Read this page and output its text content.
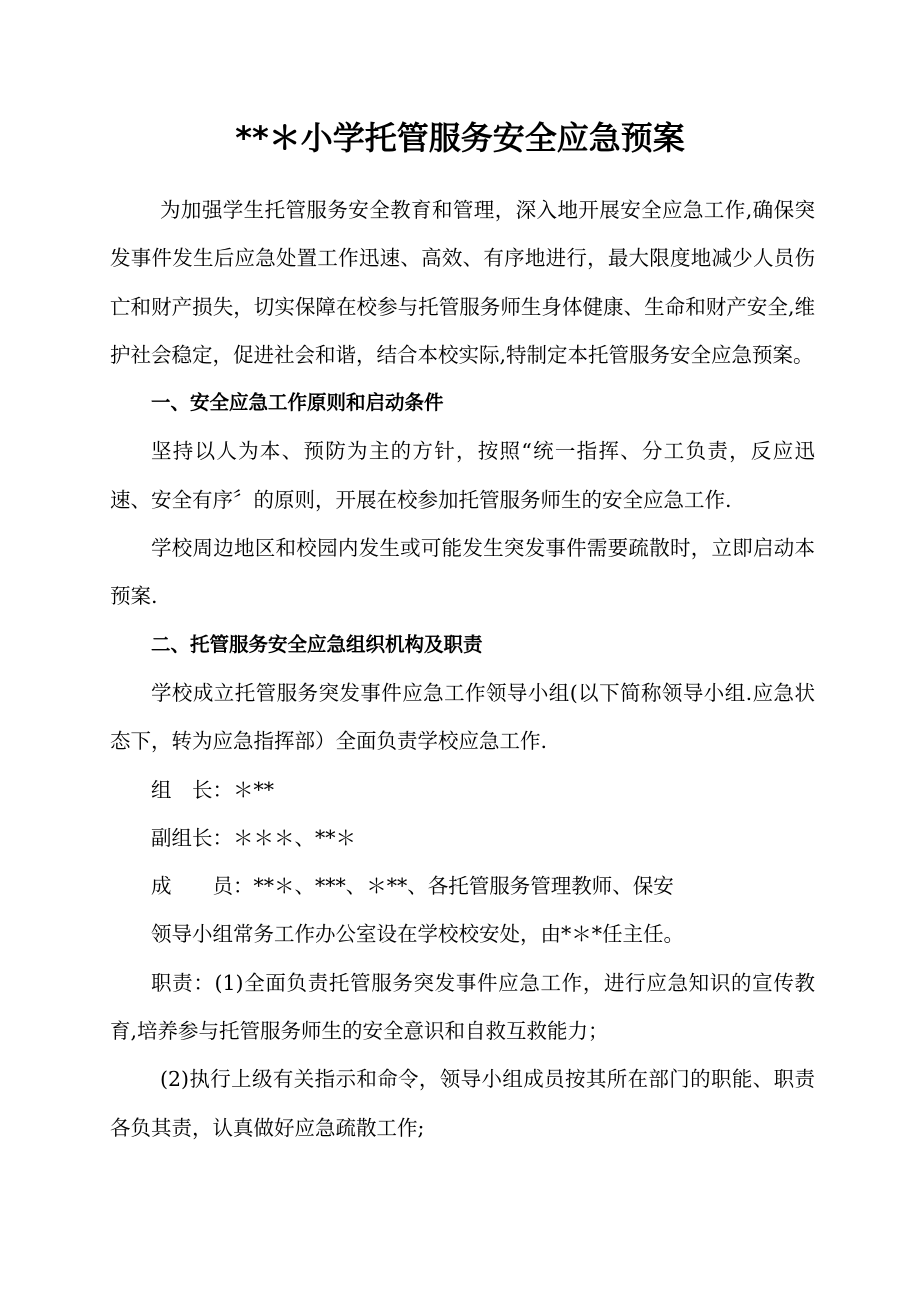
**＊小学托管服务安全应急预案

为加强学生托管服务安全教育和管理，深入地开展安全应急工作,确保突发事件发生后应急处置工作迅速、高效、有序地进行，最大限度地减少人员伤亡和财产损失，切实保障在校参与托管服务师生身体健康、生命和财产安全,维护社会稳定，促进社会和谐，结合本校实际,特制定本托管服务安全应急预案。

一、安全应急工作原则和启动条件

坚持以人为本、预防为主的方针，按照“统一指挥、分工负责，反应迅速、安全有序〞的原则，开展在校参加托管服务师生的安全应急工作.

学校周边地区和校园内发生或可能发生突发事件需要疏散时，立即启动本预案.

二、托管服务安全应急组织机构及职责

学校成立托管服务突发事件应急工作领导小组(以下简称领导小组.应急状态下，转为应急指挥部）全面负责学校应急工作.

组　长：＊**

副组长：＊＊＊、**＊

成　　员：**＊、***、＊**、各托管服务管理教师、保安

领导小组常务工作办公室设在学校校安处，由*＊*任主任。

职责：(1)全面负责托管服务突发事件应急工作，进行应急知识的宣传教育,培养参与托管服务师生的安全意识和自救互救能力；

(2)执行上级有关指示和命令，领导小组成员按其所在部门的职能、职责各负其责，认真做好应急疏散工作;
